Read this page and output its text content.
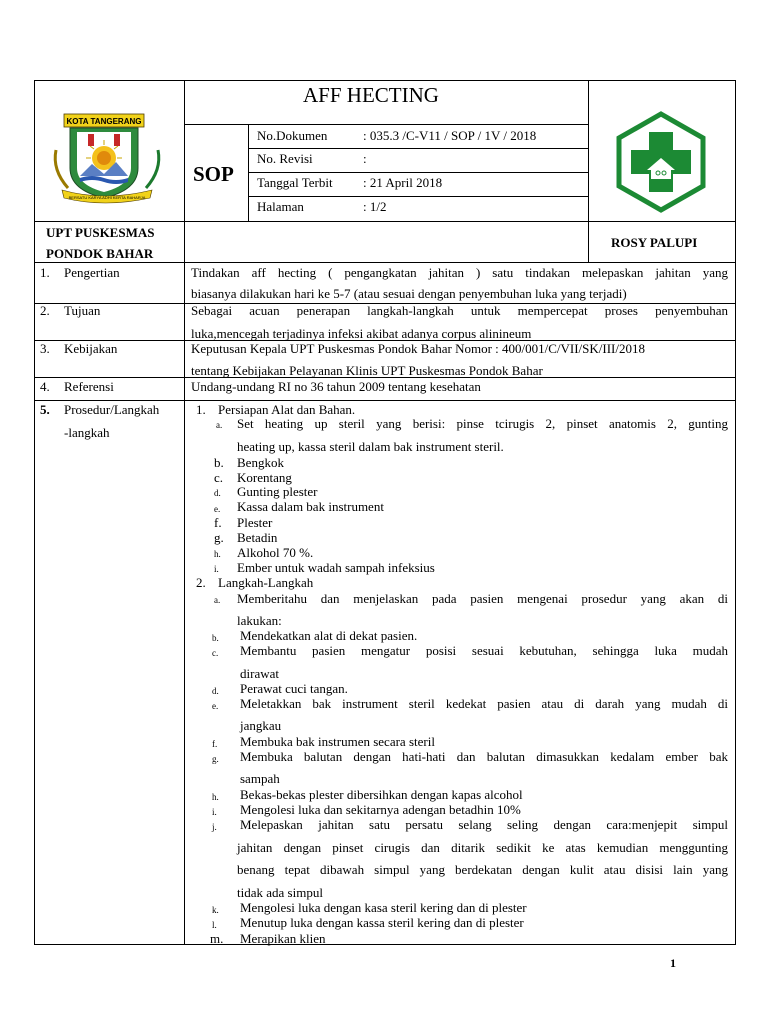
KOTA TANGERANG
BERSATU KARYA ADHI KERTA RAHARJA
AFF HECTING
SOP
No.Dokumen	: 035.3 /C-V11 / SOP / 1V / 2018
No. Revisi	:
Tanggal Terbit : 21 April 2018
Halaman	: 1/2
UPT PUSKESMAS
PONDOK BAHAR
ROSY PALUPI
1. Pengertian	Tindakan aff hecting ( pengangkatan jahitan ) satu tindakan melepaskan jahitan yang
biasanya dilakukan hari ke 5-7 (atau sesuai dengan penyembuhan luka yang terjadi)
2. Tujuan	Sebagai acuan penerapan langkah-langkah untuk mempercepat proses penyembuhan
luka,mencegah terjadinya infeksi akibat adanya corpus alinineum
3. Kebijakan	Keputusan Kepala UPT Puskesmas Pondok Bahar Nomor : 400/001/C/VII/SK/III/2018
tentang Kebijakan Pelayanan Klinis UPT Puskesmas Pondok Bahar
4. Referensi	Undang-undang RI no 36 tahun 2009 tentang kesehatan
5. Prosedur/Langkah
-langkah
1. Persiapan Alat dan Bahan.
a. Set heating up steril yang berisi: pinse tcirugis 2, pinset anatomis 2, gunting
heating up, kassa steril dalam bak instrument steril.
b. Bengkok
c. Korentang
d. Gunting plester
e. Kassa dalam bak instrument
f. Plester
g. Betadin
h. Alkohol 70 %.
i. Ember untuk wadah sampah infeksius
2. Langkah-Langkah
a. Memberitahu dan menjelaskan pada pasien mengenai prosedur yang akan di
lakukan:
b. Mendekatkan alat di dekat pasien.
c. Membantu pasien mengatur posisi sesuai kebutuhan, sehingga luka mudah
dirawat
d. Perawat cuci tangan.
e. Meletakkan bak instrument steril kedekat pasien atau di darah yang mudah di
jangkau
f. Membuka bak instrumen secara steril
g. Membuka balutan dengan hati-hati dan balutan dimasukkan kedalam ember bak
sampah
h. Bekas-bekas plester dibersihkan dengan kapas alcohol
i. Mengolesi luka dan sekitarnya adengan betadhin 10%
j. Melepaskan jahitan satu persatu selang seling dengan cara:menjepit simpul
jahitan dengan pinset cirugis dan ditarik sedikit ke atas kemudian menggunting
benang tepat dibawah simpul yang berdekatan dengan kulit atau disisi lain yang
tidak ada simpul
k. Mengolesi luka dengan kasa steril kering dan di plester
l. Menutup luka dengan kassa steril kering dan di plester
m. Merapikan klien
1
